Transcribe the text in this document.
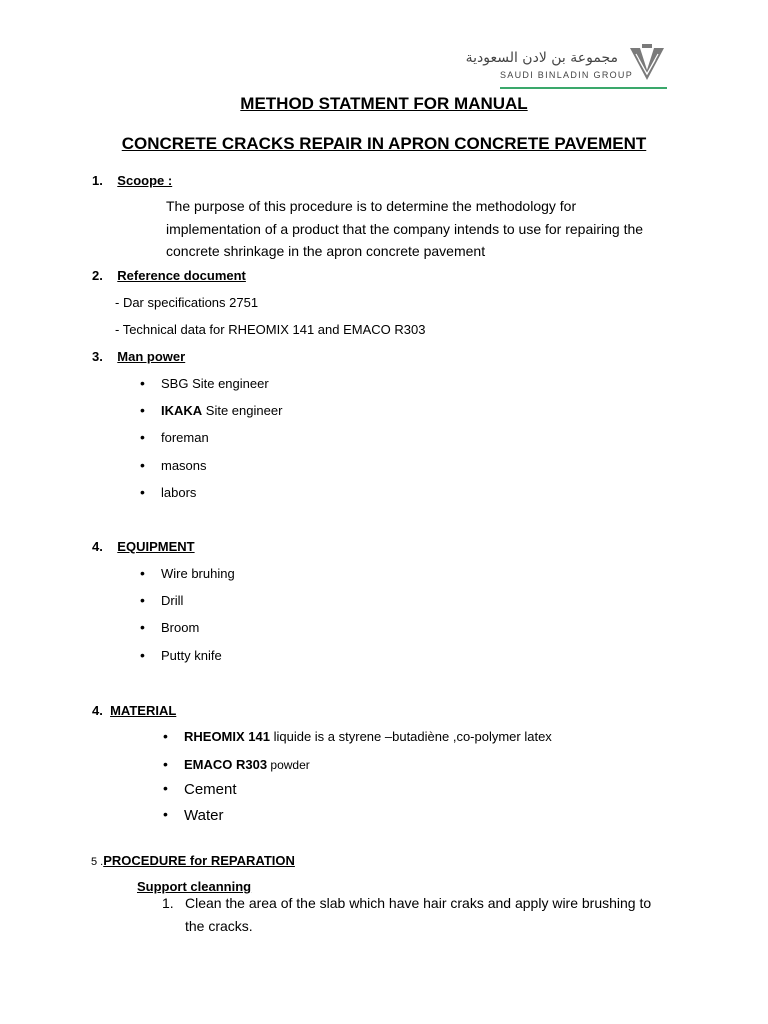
مجموعة بن لادن السعودية
SAUDI BINLADIN GROUP
METHOD STATMENT FOR MANUAL
CONCRETE CRACKS REPAIR IN APRON CONCRETE PAVEMENT
1. Scoope :
The purpose of this procedure is to determine the methodology for
implementation of a product that the company intends to use for repairing the
concrete shrinkage in the apron concrete pavement
2. Reference document
- Dar specifications 2751
- Technical data for RHEOMIX 141 and EMACO R303
3. Man power
• SBG Site engineer
• IKAKA Site engineer
• foreman
• masons
• labors
4. EQUIPMENT
• Wire bruhing
• Drill
• Broom
• Putty knife
4. MATERIAL
• RHEOMIX 141 liquide is a styrene –butadiène ,co-polymer latex
• EMACO R303 powder
• Cement
• Water
5 .PROCEDURE for REPARATION
Support cleanning
1. Clean the area of the slab which have hair craks and apply wire brushing to
the cracks.
